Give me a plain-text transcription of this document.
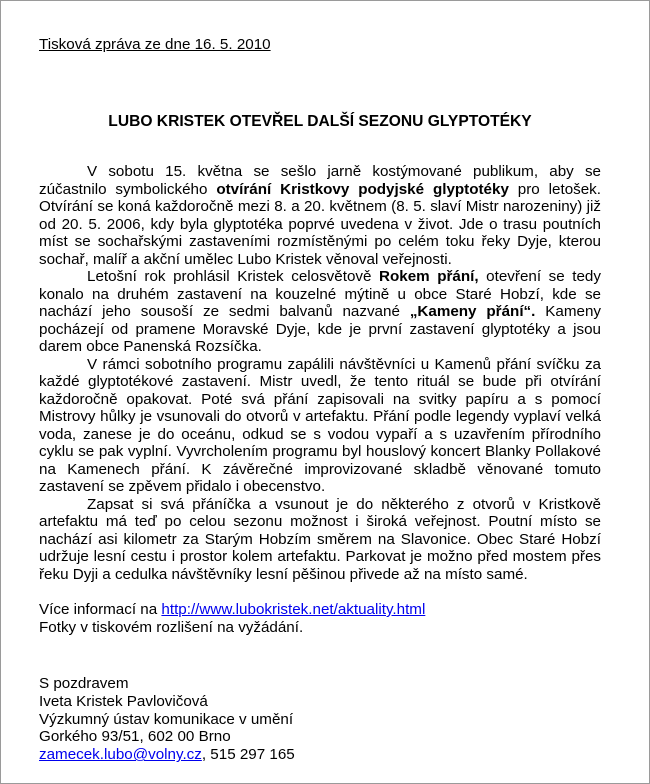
Tisková zpráva ze dne 16. 5. 2010
LUBO KRISTEK OTEVŘEL DALŠÍ SEZONU GLYPTOTÉKY

V sobotu 15. května se sešlo jarně kostýmované publikum, aby se zúčastnilo symbolického otvírání Kristkovy podyjské glyptotéky pro letošek. Otvírání se koná každoročně mezi 8. a 20. květnem (8. 5. slaví Mistr narozeniny) již od 20. 5. 2006, kdy byla glyptotéka poprvé uvedena v život. Jde o trasu poutních míst se sochařskými zastaveními rozmístěnými po celém toku řeky Dyje, kterou sochař, malíř a akční umělec Lubo Kristek věnoval veřejnosti.

Letošní rok prohlásil Kristek celosvětově Rokem přání, otevření se tedy konalo na druhém zastavení na kouzelné mýtině u obce Staré Hobzí, kde se nachází jeho sousoší ze sedmi balvanů nazvané „Kameny přání“. Kameny pocházejí od pramene Moravské Dyje, kde je první zastavení glyptotéky a jsou darem obce Panenská Rozsíčka.

V rámci sobotního programu zapálili návštěvníci u Kamenů přání svíčku za každé glyptotékové zastavení. Mistr uvedl, že tento rituál se bude při otvírání každoročně opakovat. Poté svá přání zapisovali na svitky papíru a s pomocí Mistrovy hůlky je vsunovali do otvorů v artefaktu. Přání podle legendy vyplaví velká voda, zanese je do oceánu, odkud se s vodou vypaří a s uzavřením přírodního cyklu se pak vyplní. Vyvrcholením programu byl houslový koncert Blanky Pollakové na Kamenech přání. K závěrečné improvizované skladbě věnované tomuto zastavení se zpěvem přidalo i obecenstvo.

Zapsat si svá přáníčka a vsunout je do některého z otvorů v Kristkově artefaktu má teď po celou sezonu možnost i široká veřejnost. Poutní místo se nachází asi kilometr za Starým Hobzím směrem na Slavonice. Obec Staré Hobzí udržuje lesní cestu i prostor kolem artefaktu. Parkovat je možno před mostem přes řeku Dyji a cedulka návštěvníky lesní pěšinou přivede až na místo samé.

Více informací na http://www.lubokristek.net/aktuality.html
Fotky v tiskovém rozlišení na vyžádání.
S pozdravem
Iveta Kristek Pavlovičová
Výzkumný ústav komunikace v umění
Gorkého 93/51, 602 00 Brno
zamecek.lubo@volny.cz, 515 297 165
